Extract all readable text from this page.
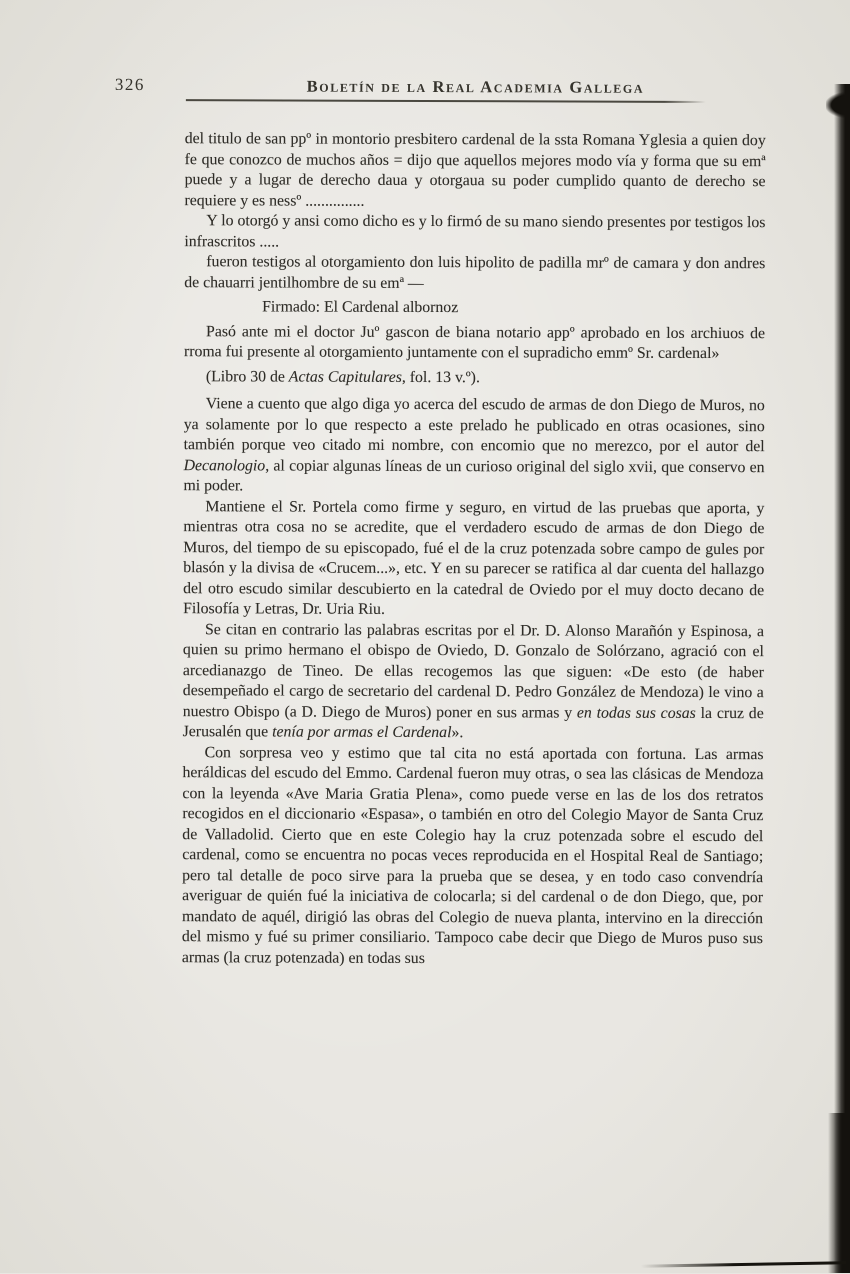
326	Boletín de la Real Academia Gallega

del titulo de san ppº in montorio presbitero cardenal de la ssta Romana Yglesia a quien doy fe que conozco de muchos años = dijo que aquellos mejores modo vía y forma que su emª puede y a lugar de derecho daua y otorgaua su poder cumplido quanto de derecho se requiere y es nessº ...............

Y lo otorgó y ansi como dicho es y lo firmó de su mano siendo presentes por testigos los infrascritos .....

fueron testigos al otorgamiento don luis hipolito de padilla mrº de camara y don andres de chauarri jentilhombre de su emª —

Firmado: El Cardenal albornoz

Pasó ante mi el doctor Juº gascon de biana notario appº aprobado en los archiuos de rroma fui presente al otorgamiento juntamente con el supradicho emmº Sr. cardenal»

(Libro 30 de Actas Capitulares, fol. 13 v.º).

Viene a cuento que algo diga yo acerca del escudo de armas de don Diego de Muros, no ya solamente por lo que respecto a este prelado he publicado en otras ocasiones, sino también porque veo citado mi nombre, con encomio que no merezco, por el autor del Decanologio, al copiar algunas líneas de un curioso original del siglo xvii, que conservo en mi poder.

Mantiene el Sr. Portela como firme y seguro, en virtud de las pruebas que aporta, y mientras otra cosa no se acredite, que el verdadero escudo de armas de don Diego de Muros, del tiempo de su episcopado, fué el de la cruz potenzada sobre campo de gules por blasón y la divisa de «Crucem...», etc. Y en su parecer se ratifica al dar cuenta del hallazgo del otro escudo similar descubierto en la catedral de Oviedo por el muy docto decano de Filosofía y Letras, Dr. Uria Riu.

Se citan en contrario las palabras escritas por el Dr. D. Alonso Marañón y Espinosa, a quien su primo hermano el obispo de Oviedo, D. Gonzalo de Solórzano, agració con el arcedianazgo de Tineo. De ellas recogemos las que siguen: «De esto (de haber desempeñado el cargo de secretario del cardenal D. Pedro González de Mendoza) le vino a nuestro Obispo (a D. Diego de Muros) poner en sus armas y en todas sus cosas la cruz de Jerusalén que tenía por armas el Cardenal».

Con sorpresa veo y estimo que tal cita no está aportada con fortuna. Las armas heráldicas del escudo del Emmo. Cardenal fueron muy otras, o sea las clásicas de Mendoza con la leyenda «Ave Maria Gratia Plena», como puede verse en las de los dos retratos recogidos en el diccionario «Espasa», o también en otro del Colegio Mayor de Santa Cruz de Valladolid. Cierto que en este Colegio hay la cruz potenzada sobre el escudo del cardenal, como se encuentra no pocas veces reproducida en el Hospital Real de Santiago; pero tal detalle de poco sirve para la prueba que se desea, y en todo caso convendría averiguar de quién fué la iniciativa de colocarla; si del cardenal o de don Diego, que, por mandato de aquél, dirigió las obras del Colegio de nueva planta, intervino en la dirección del mismo y fué su primer consiliario. Tampoco cabe decir que Diego de Muros puso sus armas (la cruz potenzada) en todas sus
